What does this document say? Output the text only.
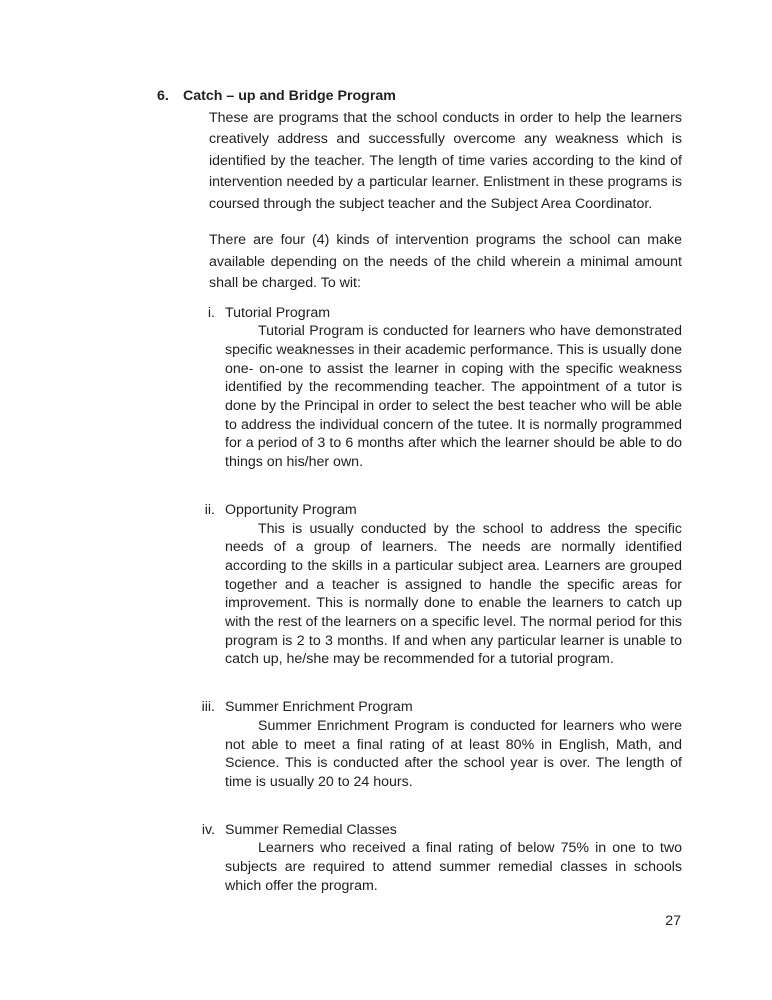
6. Catch – up and Bridge Program

These are programs that the school conducts in order to help the learners creatively address and successfully overcome any weakness which is identified by the teacher. The length of time varies according to the kind of intervention needed by a particular learner. Enlistment in these programs is coursed through the subject teacher and the Subject Area Coordinator.

There are four (4) kinds of intervention programs the school can make available depending on the needs of the child wherein a minimal amount shall be charged. To wit:

i. Tutorial Program

Tutorial Program is conducted for learners who have demonstrated specific weaknesses in their academic performance. This is usually done one- on-one to assist the learner in coping with the specific weakness identified by the recommending teacher. The appointment of a tutor is done by the Principal in order to select the best teacher who will be able to address the individual concern of the tutee. It is normally programmed for a period of 3 to 6 months after which the learner should be able to do things on his/her own.

ii. Opportunity Program

This is usually conducted by the school to address the specific needs of a group of learners. The needs are normally identified according to the skills in a particular subject area. Learners are grouped together and a teacher is assigned to handle the specific areas for improvement. This is normally done to enable the learners to catch up with the rest of the learners on a specific level. The normal period for this program is 2 to 3 months. If and when any particular learner is unable to catch up, he/she may be recommended for a tutorial program.

iii. Summer Enrichment Program

Summer Enrichment Program is conducted for learners who were not able to meet a final rating of at least 80% in English, Math, and Science. This is conducted after the school year is over. The length of time is usually 20 to 24 hours.

iv. Summer Remedial Classes

Learners who received a final rating of below 75% in one to two subjects are required to attend summer remedial classes in schools which offer the program.

27
